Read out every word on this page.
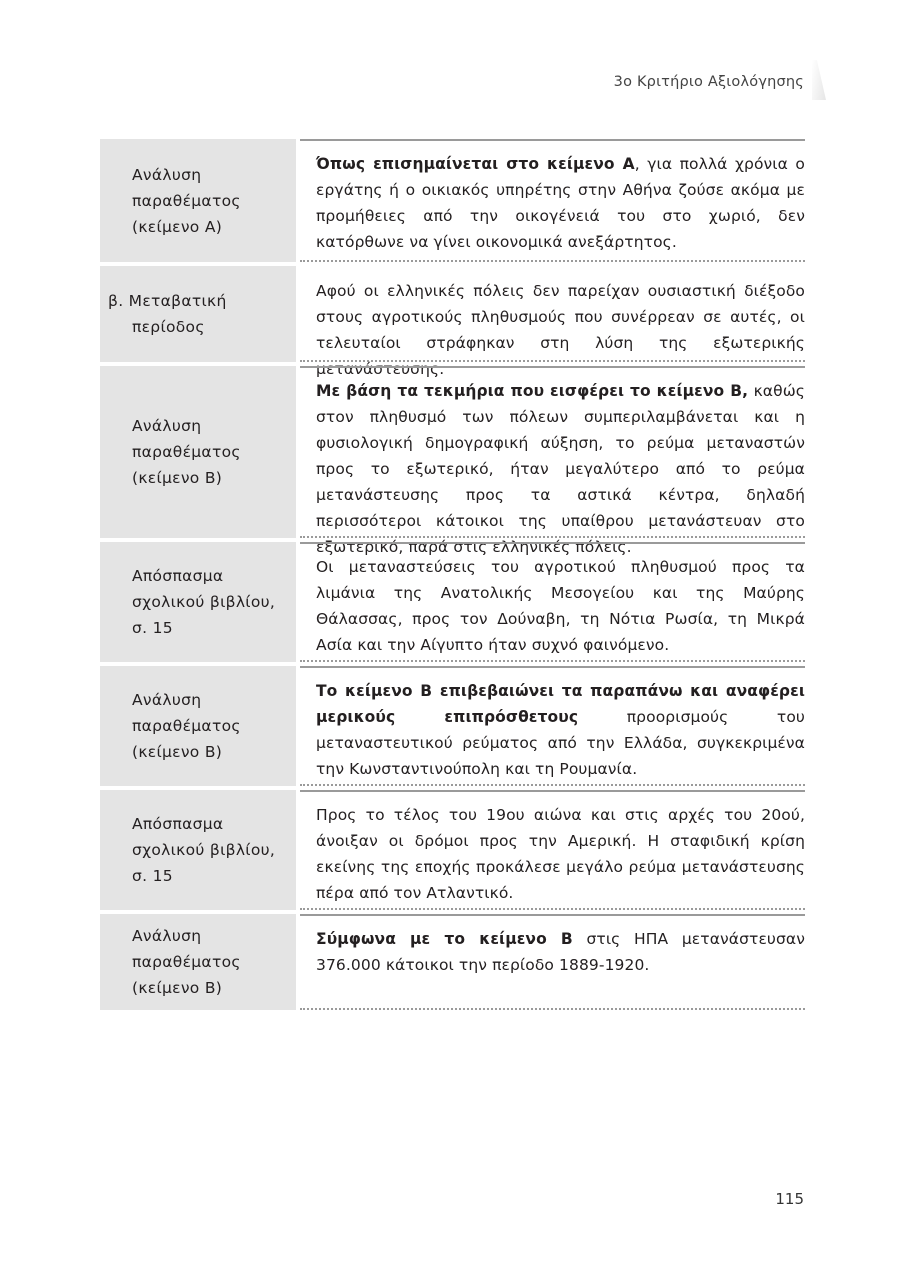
3ο Κριτήριο Αξιολόγησης
Ανάλυση
παραθέματος
(κείμενο Α)
Όπως επισημαίνεται στο κείμενο Α, για πολλά χρόνια ο εργάτης ή ο οικιακός υπηρέτης στην Αθήνα ζούσε ακόμα με προμήθειες από την οικογένειά του στο χωριό, δεν κατόρθωνε να γίνει οικονομικά ανεξάρτητος.
β. Μεταβατική περίοδος
Αφού οι ελληνικές πόλεις δεν παρείχαν ουσιαστική διέξοδο στους αγροτικούς πληθυσμούς που συνέρρεαν σε αυτές, οι τελευταίοι στράφηκαν στη λύση της εξωτερικής μετανάστευσης.
Ανάλυση
παραθέματος
(κείμενο Β)
Με βάση τα τεκμήρια που εισφέρει το κείμενο Β, καθώς στον πληθυσμό των πόλεων συμπεριλαμβάνεται και η φυσιολογική δημογραφική αύξηση, το ρεύμα μεταναστών προς το εξωτερικό, ήταν μεγαλύτερο από το ρεύμα μετανάστευσης προς τα αστικά κέντρα, δηλαδή περισσότεροι κάτοικοι της υπαίθρου μετανάστευαν στο εξωτερικό, παρά στις ελληνικές πόλεις.
Απόσπασμα
σχολικού βιβλίου,
σ. 15
Οι μεταναστεύσεις του αγροτικού πληθυσμού προς τα λιμάνια της Ανατολικής Μεσογείου και της Μαύρης Θάλασσας, προς τον Δούναβη, τη Νότια Ρωσία, τη Μικρά Ασία και την Αίγυπτο ήταν συχνό φαινόμενο.
Ανάλυση
παραθέματος
(κείμενο Β)
Το κείμενο Β επιβεβαιώνει τα παραπάνω και αναφέρει μερικούς επιπρόσθετους προορισμούς του μεταναστευτικού ρεύματος από την Ελλάδα, συγκεκριμένα την Κωνσταντινούπολη και τη Ρουμανία.
Απόσπασμα
σχολικού βιβλίου,
σ. 15
Προς το τέλος του 19ου αιώνα και στις αρχές του 20ού, άνοιξαν οι δρόμοι προς την Αμερική. Η σταφιδική κρίση εκείνης της εποχής προκάλεσε μεγάλο ρεύμα μετανάστευσης πέρα από τον Ατλαντικό.
Ανάλυση
παραθέματος
(κείμενο Β)
Σύμφωνα με το κείμενο Β στις ΗΠΑ μετανάστευσαν 376.000 κάτοικοι την περίοδο 1889-1920.
115
